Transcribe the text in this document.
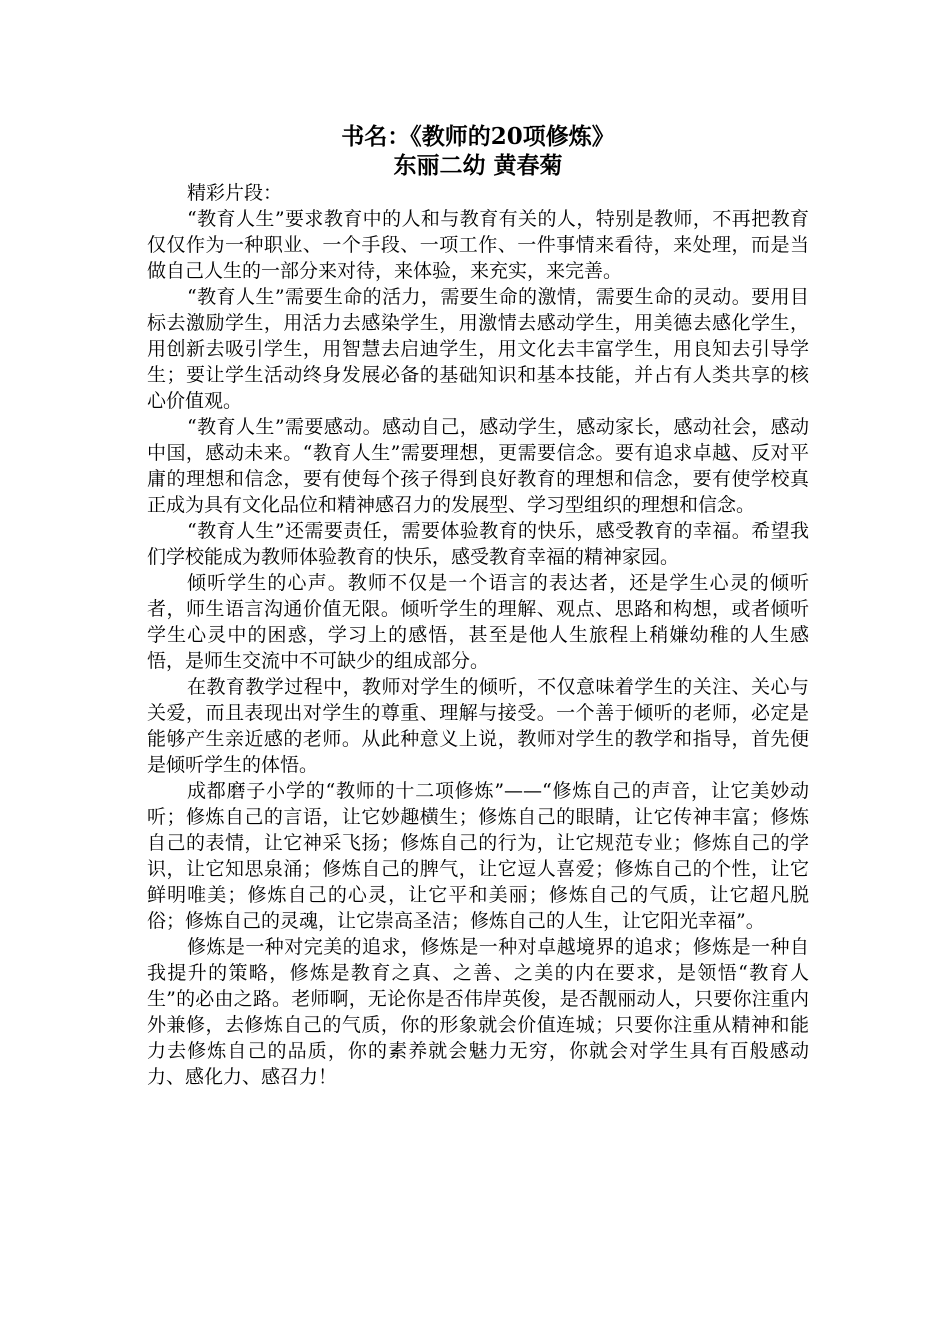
书名：《教师的20项修炼》

东丽二幼 黄春菊

精彩片段：

“教育人生”要求教育中的人和与教育有关的人，特别是教师，不再把教育仅仅作为一种职业、一个手段、一项工作、一件事情来看待，来处理，而是当做自己人生的一部分来对待，来体验，来充实，来完善。

“教育人生”需要生命的活力，需要生命的激情，需要生命的灵动。要用目标去激励学生，用活力去感染学生，用激情去感动学生，用美德去感化学生，用创新去吸引学生，用智慧去启迪学生，用文化去丰富学生，用良知去引导学生；要让学生活动终身发展必备的基础知识和基本技能，并占有人类共享的核心价值观。

“教育人生”需要感动。感动自己，感动学生，感动家长，感动社会，感动中国，感动未来。“教育人生”需要理想，更需要信念。要有追求卓越、反对平庸的理想和信念，要有使每个孩子得到良好教育的理想和信念，要有使学校真正成为具有文化品位和精神感召力的发展型、学习型组织的理想和信念。

“教育人生”还需要责任，需要体验教育的快乐，感受教育的幸福。希望我们学校能成为教师体验教育的快乐，感受教育幸福的精神家园。

倾听学生的心声。教师不仅是一个语言的表达者，还是学生心灵的倾听者，师生语言沟通价值无限。倾听学生的理解、观点、思路和构想，或者倾听学生心灵中的困惑，学习上的感悟，甚至是他人生旅程上稍嫌幼稚的人生感悟，是师生交流中不可缺少的组成部分。

在教育教学过程中，教师对学生的倾听，不仅意味着学生的关注、关心与关爱，而且表现出对学生的尊重、理解与接受。一个善于倾听的老师，必定是能够产生亲近感的老师。从此种意义上说，教师对学生的教学和指导，首先便是倾听学生的体悟。

成都磨子小学的“教师的十二项修炼”——“修炼自己的声音，让它美妙动听；修炼自己的言语，让它妙趣横生；修炼自己的眼睛，让它传神丰富；修炼自己的表情，让它神采飞扬；修炼自己的行为，让它规范专业；修炼自己的学识，让它知思泉涌；修炼自己的脾气，让它逗人喜爱；修炼自己的个性，让它鲜明唯美；修炼自己的心灵，让它平和美丽；修炼自己的气质，让它超凡脱俗；修炼自己的灵魂，让它崇高圣洁；修炼自己的人生，让它阳光幸福”。

修炼是一种对完美的追求，修炼是一种对卓越境界的追求；修炼是一种自我提升的策略，修炼是教育之真、之善、之美的内在要求，是领悟“教育人生”的必由之路。老师啊，无论你是否伟岸英俊，是否靓丽动人，只要你注重内外兼修，去修炼自己的气质，你的形象就会价值连城；只要你注重从精神和能力去修炼自己的品质，你的素养就会魅力无穷，你就会对学生具有百般感动力、感化力、感召力！
